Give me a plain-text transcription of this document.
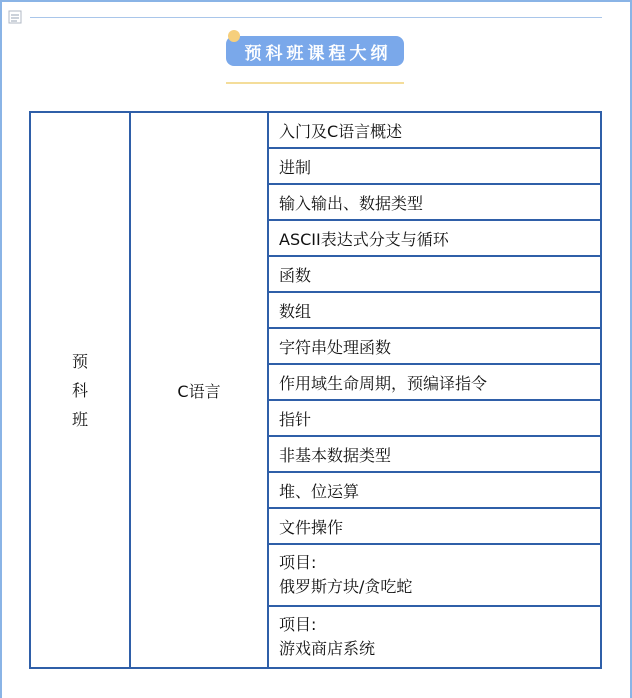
预科班课程大纲
预
科
班
	C语言	入门及C语言概述
进制
输入输出、数据类型
ASCII表达式分支与循环
函数
数组
字符串处理函数
作用域生命周期，预编译指令
指针
非基本数据类型
堆、位运算
文件操作

项目:
俄罗斯方块/贪吃蛇

项目:
游戏商店系统
